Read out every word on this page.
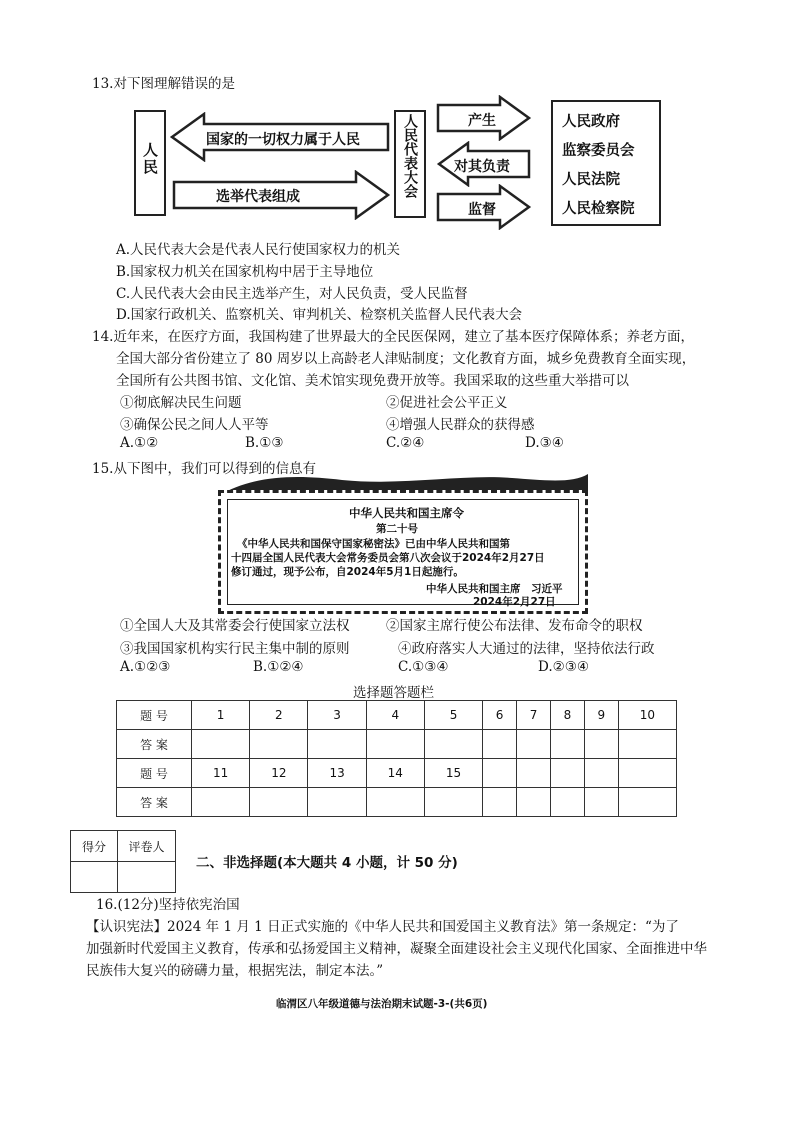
13.对下图理解错误的是
人民
国家的一切权力属于人民
选举代表组成	人民代表大会	产生
对其负责
监督
人民政府
监察委员会
人民法院
人民检察院
A.人民代表大会是代表人民行使国家权力的机关
B.国家权力机关在国家机构中居于主导地位
C.人民代表大会由民主选举产生，对人民负责，受人民监督
D.国家行政机关、监察机关、审判机关、检察机关监督人民代表大会
14.近年来，在医疗方面，我国构建了世界最大的全民医保网，建立了基本医疗保障体系；养老方面，
全国大部分省份建立了 80 周岁以上高龄老人津贴制度；文化教育方面，城乡免费教育全面实现，
全国所有公共图书馆、文化馆、美术馆实现免费开放等。我国采取的这些重大举措可以
①彻底解决民生问题	②促进社会公平正义
③确保公民之间人人平等	④增强人民群众的获得感
A.①②	B.①③	C.②④	D.③④
15.从下图中，我们可以得到的信息有
中华人民共和国主席令
第二十号
《中华人民共和国保守国家秘密法》已由中华人民共和国第
十四届全国人民代表大会常务委员会第八次会议于2024年2月27日
修订通过，现予公布，自2024年5月1日起施行。
中华人民共和国主席　习近平
2024年2月27日
①全国人大及其常委会行使国家立法权	②国家主席行使公布法律、发布命令的职权
③我国国家机构实行民主集中制的原则	④政府落实人大通过的法律，坚持依法行政
A.①②③	B.①②④	C.①③④	D.②③④
选择题答题栏
题 号	1	2	3	4	5	6	7	8	9	10
答 案										
题 号	11	12	13	14	15					
答 案										
得分	评卷人

二、非选择题(本大题共 4 小题，计 50 分)
16.(12分)坚持依宪治国
【认识宪法】2024 年 1 月 1 日正式实施的《中华人民共和国爱国主义教育法》第一条规定：“为了
加强新时代爱国主义教育，传承和弘扬爱国主义精神，凝聚全面建设社会主义现代化国家、全面推进中华
民族伟大复兴的磅礴力量，根据宪法，制定本法。”
临渭区八年级道德与法治期末试题-3-(共6页)
